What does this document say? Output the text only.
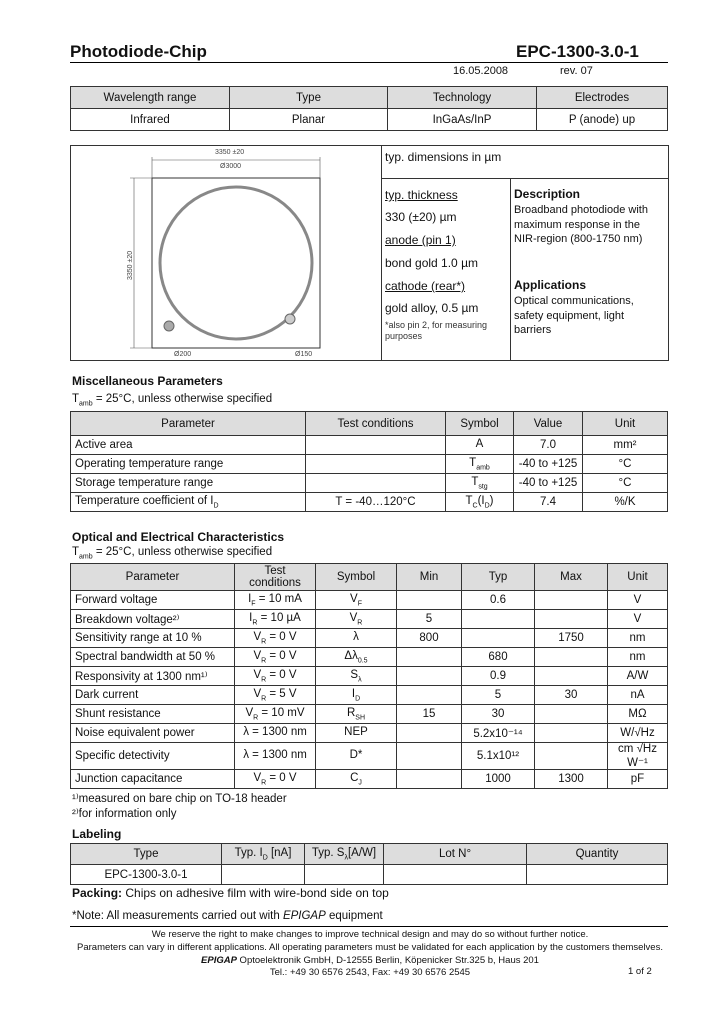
Photodiode-Chip	EPC-1300-3.0-1
16.05.2008	rev. 07
Wavelength range	Type	Technology	Electrodes
Infrared	Planar	InGaAs/InP	P (anode) up
3350 ±20
Ø3000
3350 ±20
Ø200	Ø150
typ. dimensions in µm
typ. thickness
330 (±20) µm
anode (pin 1)
bond gold 1.0 µm
cathode (rear*)
gold alloy, 0.5 µm
*also pin 2, for measuring purposes
Description
Broadband photodiode with maximum response in the NIR-region (800-1750 nm)
Applications
Optical communications, safety equipment, light barriers
Miscellaneous Parameters
$T_{amb} = 25^\circ C$, unless otherwise specified
Parameter	Test conditions	Symbol	Value	Unit
Active area		A	7.0	mm²
Operating temperature range		$T_{amb}$	-40 to +125	°C
Storage temperature range		$T_{stg}$	-40 to +125	°C
Temperature coefficient of $I_D$	T = -40…120°C	$T_C(I_D)$	7.4	%/K
Optical and Electrical Characteristics
$T_{amb} = 25^\circ C$, unless otherwise specified
Parameter	Test conditions	Symbol	Min	Typ	Max	Unit
Forward voltage	$I_F = 10$ mA	$V_F$		0.6		V
Breakdown voltage²⁾	$I_R = 10$ µA	$V_R$	5			V
Sensitivity range at 10 %	$V_R = 0$ V	λ	800		1750	nm
Spectral bandwidth at 50 %	$V_R = 0$ V	$\Delta\lambda_{0.5}$		680		nm
Responsivity at 1300 nm¹⁾	$V_R = 0$ V	$S_\lambda$		0.9		A/W
Dark current	$V_R = 5$ V	$I_D$		5	30	nA
Shunt resistance	$V_R = 10$ mV	$R_{SH}$	15	30		MΩ
Noise equivalent power	λ = 1300 nm	NEP		5.2x10⁻¹⁴		W/√Hz
Specific detectivity	λ = 1300 nm	D*		5.1x10¹²		cm √Hz W⁻¹
Junction capacitance	$V_R = 0$ V	$C_J$		1000	1300	pF
¹⁾measured on bare chip on TO-18 header
²⁾for information only
Labeling
Type	Typ. $I_D$ [nA]	Typ. $S_\lambda[A/W]$	Lot N°	Quantity
EPC-1300-3.0-1				
Packing: Chips on adhesive film with wire-bond side on top
*Note: All measurements carried out with EPIGAP equipment
We reserve the right to make changes to improve technical design and may do so without further notice.
Parameters can vary in different applications. All operating parameters must be validated for each application by the customers themselves.
EPIGAP Optoelektronik GmbH, D-12555 Berlin, Köpenicker Str.325 b, Haus 201
Tel.: +49 30 6576 2543, Fax: +49 30 6576 2545	1 of 2
